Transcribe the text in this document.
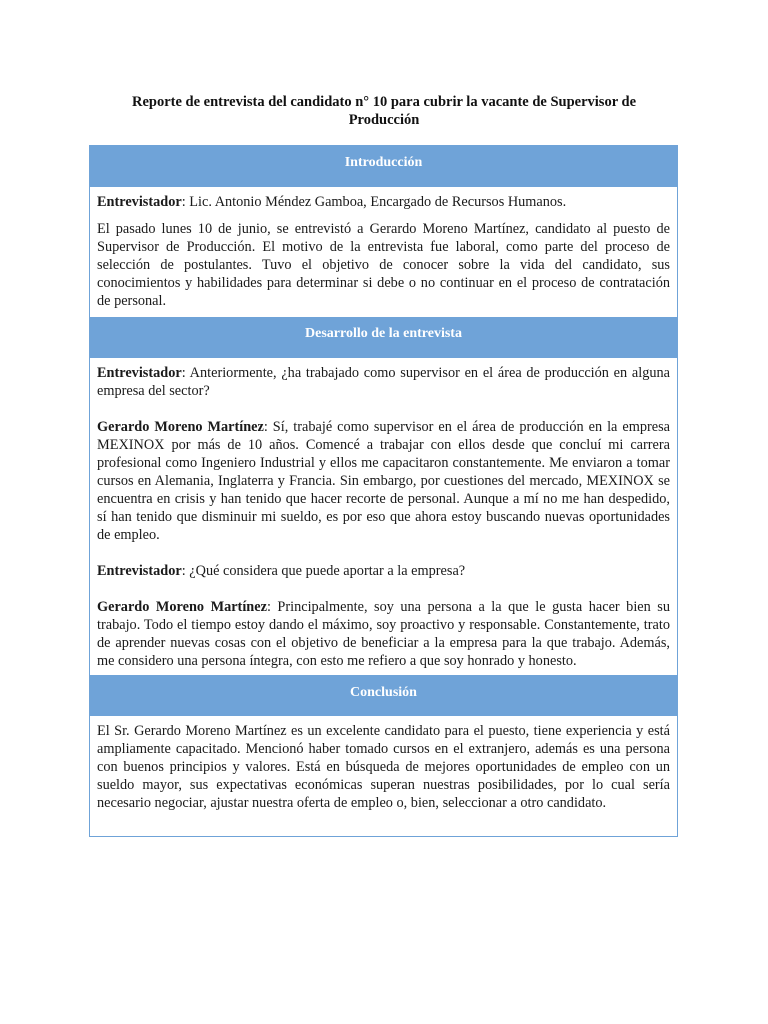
Reporte de entrevista del candidato n° 10 para cubrir la vacante de Supervisor de Producción
Introducción

Entrevistador: Lic. Antonio Méndez Gamboa, Encargado de Recursos Humanos.

El pasado lunes 10 de junio, se entrevistó a Gerardo Moreno Martínez, candidato al puesto de Supervisor de Producción. El motivo de la entrevista fue laboral, como parte del proceso de selección de postulantes. Tuvo el objetivo de conocer sobre la vida del candidato, sus conocimientos y habilidades para determinar si debe o no continuar en el proceso de contratación de personal.

Desarrollo de la entrevista

Entrevistador: Anteriormente, ¿ha trabajado como supervisor en el área de producción en alguna empresa del sector?

Gerardo Moreno Martínez: Sí, trabajé como supervisor en el área de producción en la empresa MEXINOX por más de 10 años. Comencé a trabajar con ellos desde que concluí mi carrera profesional como Ingeniero Industrial y ellos me capacitaron constantemente. Me enviaron a tomar cursos en Alemania, Inglaterra y Francia. Sin embargo, por cuestiones del mercado, MEXINOX se encuentra en crisis y han tenido que hacer recorte de personal. Aunque a mí no me han despedido, sí han tenido que disminuir mi sueldo, es por eso que ahora estoy buscando nuevas oportunidades de empleo.

Entrevistador: ¿Qué considera que puede aportar a la empresa?

Gerardo Moreno Martínez: Principalmente, soy una persona a la que le gusta hacer bien su trabajo. Todo el tiempo estoy dando el máximo, soy proactivo y responsable. Constantemente, trato de aprender nuevas cosas con el objetivo de beneficiar a la empresa para la que trabajo. Además, me considero una persona íntegra, con esto me refiero a que soy honrado y honesto.

Conclusión

El Sr. Gerardo Moreno Martínez es un excelente candidato para el puesto, tiene experiencia y está ampliamente capacitado. Mencionó haber tomado cursos en el extranjero, además es una persona con buenos principios y valores. Está en búsqueda de mejores oportunidades de empleo con un sueldo mayor, sus expectativas económicas superan nuestras posibilidades, por lo cual sería necesario negociar, ajustar nuestra oferta de empleo o, bien, seleccionar a otro candidato.
